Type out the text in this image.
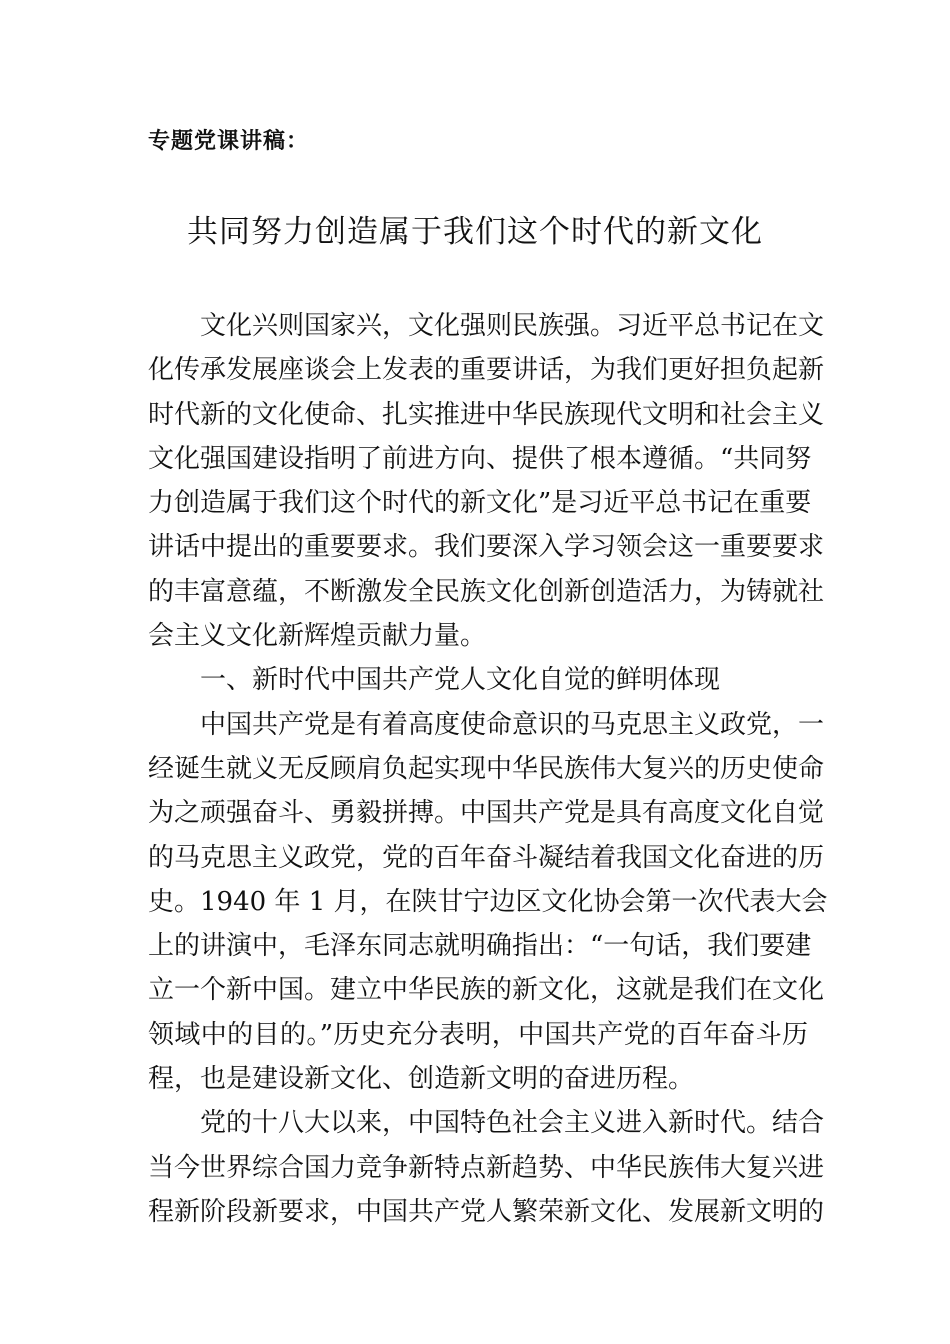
专题党课讲稿：
共同努力创造属于我们这个时代的新文化
文化兴则国家兴，文化强则民族强。习近平总书记在文
化传承发展座谈会上发表的重要讲话，为我们更好担负起新
时代新的文化使命、扎实推进中华民族现代文明和社会主义
文化强国建设指明了前进方向、提供了根本遵循。“共同努
力创造属于我们这个时代的新文化”是习近平总书记在重要
讲话中提出的重要要求。我们要深入学习领会这一重要要求
的丰富意蕴，不断激发全民族文化创新创造活力，为铸就社
会主义文化新辉煌贡献力量。
一、新时代中国共产党人文化自觉的鲜明体现
中国共产党是有着高度使命意识的马克思主义政党，一
经诞生就义无反顾肩负起实现中华民族伟大复兴的历史使命
为之顽强奋斗、勇毅拼搏。中国共产党是具有高度文化自觉
的马克思主义政党，党的百年奋斗凝结着我国文化奋进的历
史。1940 年 1 月，在陕甘宁边区文化协会第一次代表大会
上的讲演中，毛泽东同志就明确指出：“一句话，我们要建
立一个新中国。建立中华民族的新文化，这就是我们在文化
领域中的目的。”历史充分表明，中国共产党的百年奋斗历
程，也是建设新文化、创造新文明的奋进历程。
党的十八大以来，中国特色社会主义进入新时代。结合
当今世界综合国力竞争新特点新趋势、中华民族伟大复兴进
程新阶段新要求，中国共产党人繁荣新文化、发展新文明的
